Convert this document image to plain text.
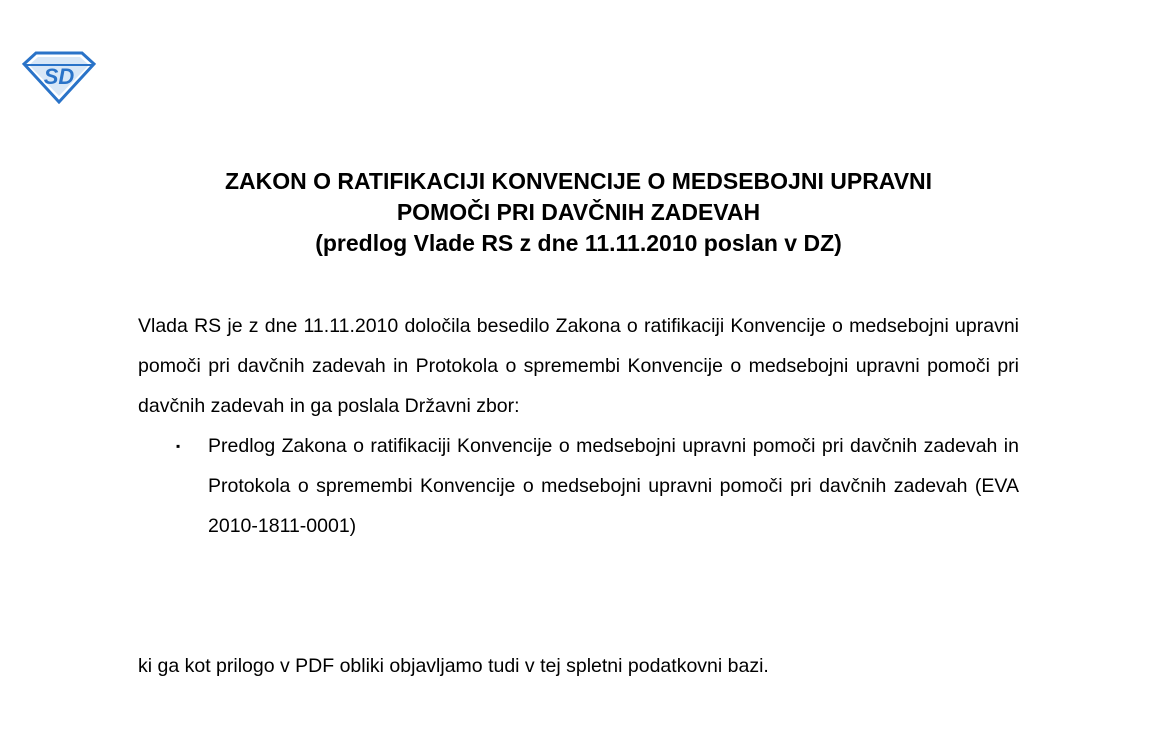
SD
ZAKON O RATIFIKACIJI KONVENCIJE O MEDSEBOJNI UPRAVNI
POMOČI PRI DAVČNIH ZADEVAH
(predlog Vlade RS z dne 11.11.2010 poslan v DZ)

Vlada RS je z dne 11.11.2010 določila besedilo Zakona o ratifikaciji Konvencije o medsebojni upravni pomoči pri davčnih zadevah in Protokola o spremembi Konvencije o medsebojni upravni pomoči pri davčnih zadevah in ga poslala Državni zbor:

▪ Predlog Zakona o ratifikaciji Konvencije o medsebojni upravni pomoči pri davčnih zadevah in Protokola o spremembi Konvencije o medsebojni upravni pomoči pri davčnih zadevah (EVA 2010-1811-0001)

ki ga kot prilogo v PDF obliki objavljamo tudi v tej spletni podatkovni bazi.
